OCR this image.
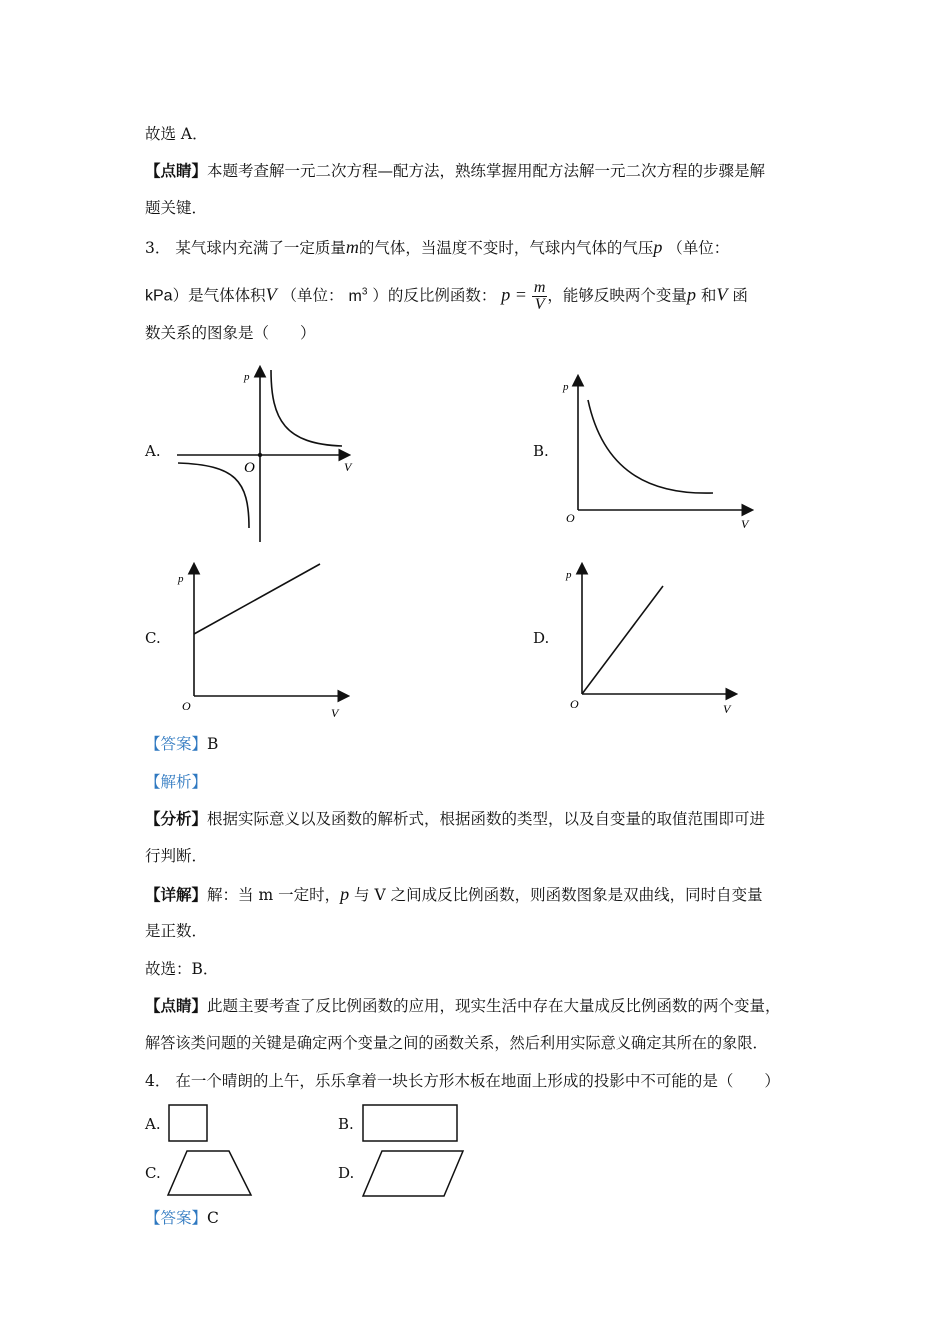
故选 A．
【点睛】本题考查解一元二次方程—配方法，熟练掌握用配方法解一元二次方程的步骤是解
题关键．
3． 某气球内充满了一定质量m的气体，当温度不变时，气球内气体的气压p （单位：
kPa）是气体体积V （单位： $m^3$ ）的反比例函数： $p = \frac{m}{V}$ ，能够反映两个变量p 和V 函
数关系的图象是（　　）
A.	B.
C.	D.
p
V
O
p
V
O
p
V
O
p
V
O
【答案】B
【解析】
【分析】根据实际意义以及函数的解析式，根据函数的类型，以及自变量的取值范围即可进
行判断．
【详解】解：当 m 一定时，p 与 V 之间成反比例函数，则函数图象是双曲线，同时自变量
是正数．
故选：B．
【点睛】此题主要考查了反比例函数的应用，现实生活中存在大量成反比例函数的两个变量，
解答该类问题的关键是确定两个变量之间的函数关系，然后利用实际意义确定其所在的象限．
4． 在一个晴朗的上午，乐乐拿着一块长方形木板在地面上形成的投影中不可能的是（　　）
A.	B.
C.	D.
【答案】C
